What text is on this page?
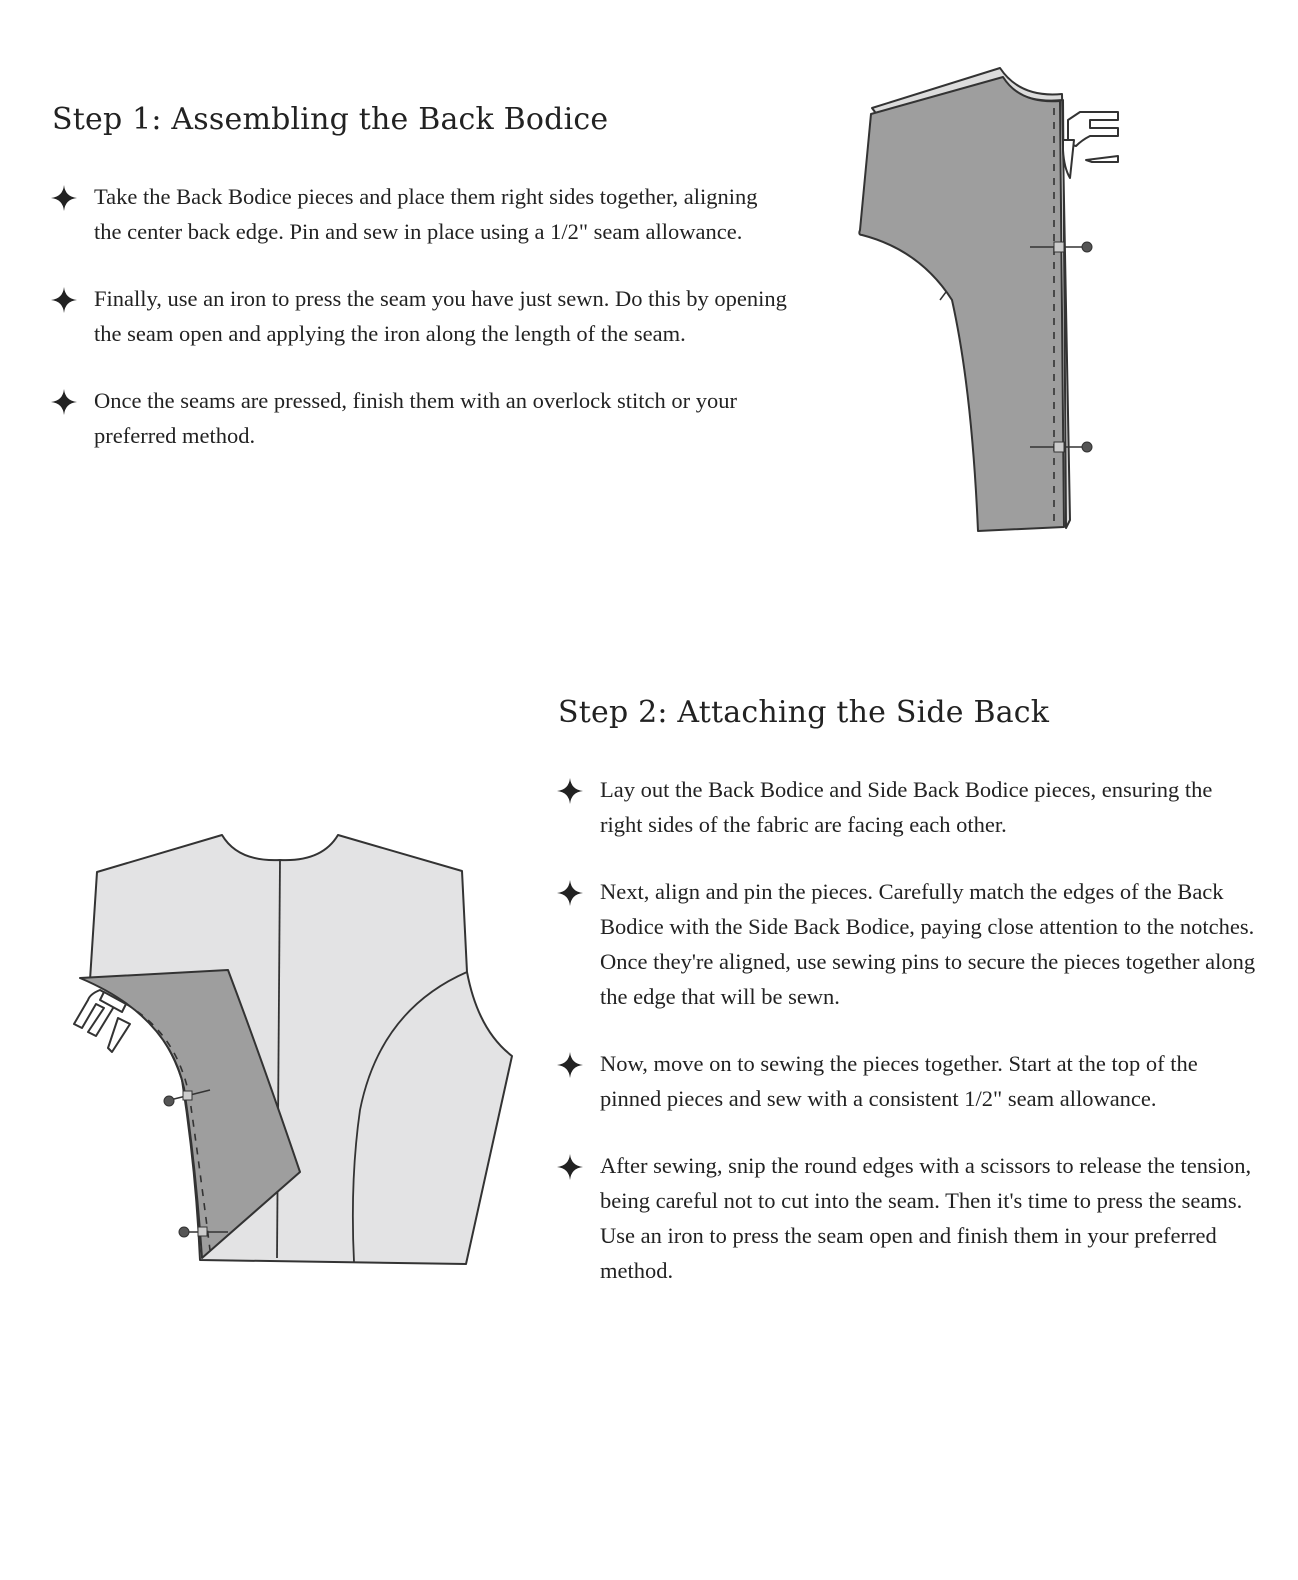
Step 1: Assembling the Back Bodice
Take the Back Bodice pieces and place them right sides together, aligning the center back edge. Pin and sew in place using a 1/2" seam allowance.
Finally, use an iron to press the seam you have just sewn. Do this by opening the seam open and applying the iron along the length of the seam.
Once the seams are pressed, finish them with an overlock stitch or your preferred method.
Step 2: Attaching the Side Back
Lay out the Back Bodice and Side Back Bodice pieces, ensuring the right sides of the fabric are facing each other.
Next, align and pin the pieces. Carefully match the edges of the Back Bodice with the Side Back Bodice, paying close attention to the notches. Once they're aligned, use sewing pins to secure the pieces together along the edge that will be sewn.
Now, move on to sewing the pieces together. Start at the top of the pinned pieces and sew with a consistent 1/2" seam allowance.
After sewing, snip the round edges with a scissors to release the tension, being careful not to cut into the seam. Then it's time to press the seams. Use an iron to press the seam open and finish them in your preferred method.
